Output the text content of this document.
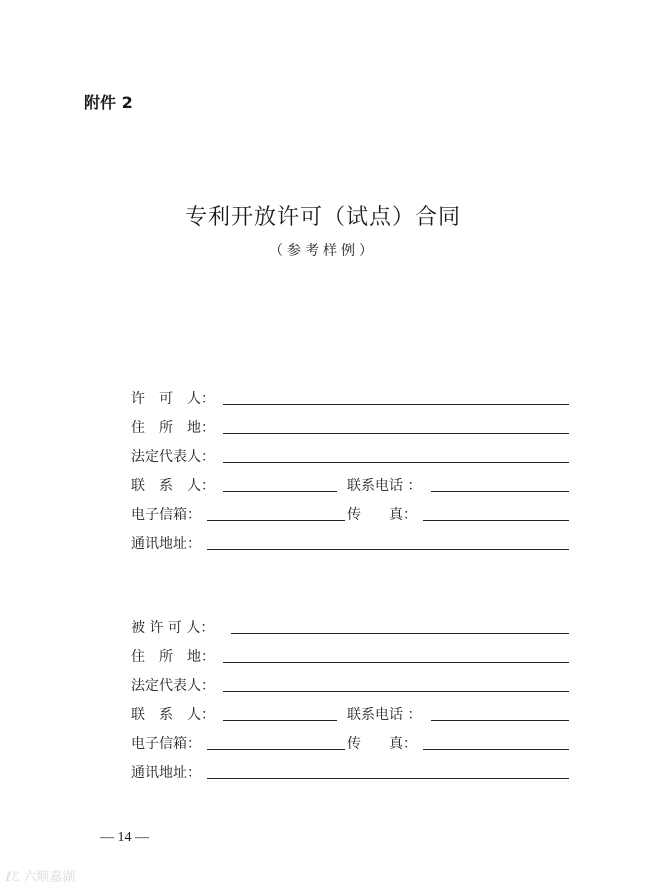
附件 2
专利开放许可（试点）合同
（参考样例）
许　可　人：
住　所　地：
法定代表人：
联　系　人：	联系电话 ：
电子信箱：	传　　真：
通讯地址：
被 许 可 人：
住　所　地：
法定代表人：
联　系　人：	联系电话 ：
电子信箱：	传　　真：
通讯地址：
— 14 —
ℓℰ 六顺嘉湖
